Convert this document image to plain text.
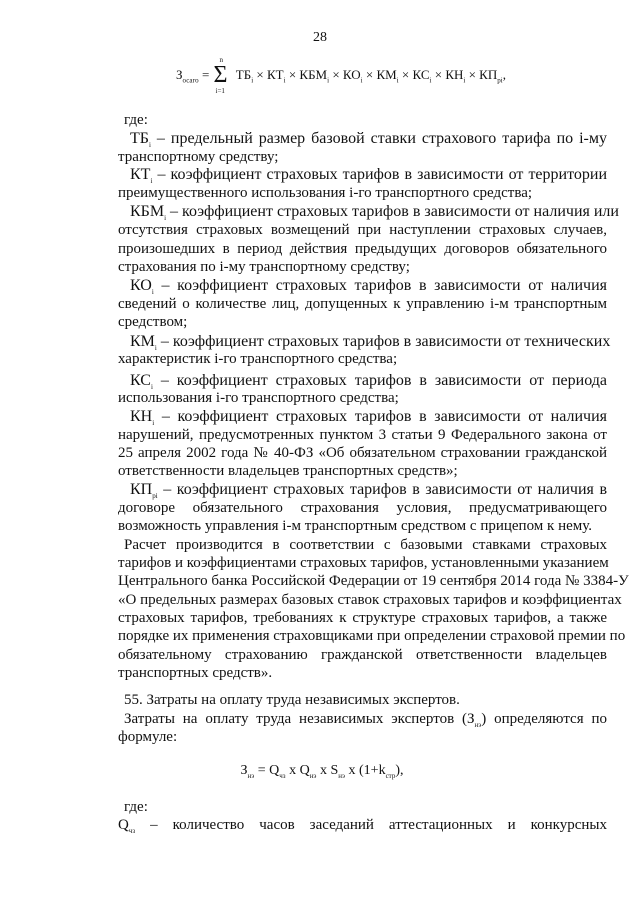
28
$З_{осаго}$ =
n
Σ
i=1
$ТБ_i \times КТ_i \times КБМ_i \times КО_i \times КМ_i \times КС_i \times КН_i \times КП_{pi}$,
где:
$ТБ_i$ – предельный размер базовой ставки страхового тарифа по i-му
транспортному средству;
$КТ_i$ – коэффициент страховых тарифов в зависимости от территории
преимущественного использования i-го транспортного средства;
$КБМ_i$ – коэффициент страховых тарифов в зависимости от наличия или
отсутствия страховых возмещений при наступлении страховых случаев,
произошедших в период действия предыдущих договоров обязательного
страхования по i-му транспортному средству;
$КО_i$ – коэффициент страховых тарифов в зависимости от наличия
сведений о количестве лиц, допущенных к управлению i-м транспортным
средством;
$КМ_i$ – коэффициент страховых тарифов в зависимости от технических
характеристик i-го транспортного средства;
$КС_i$ – коэффициент страховых тарифов в зависимости от периода
использования i-го транспортного средства;
$КН_i$ – коэффициент страховых тарифов в зависимости от наличия
нарушений, предусмотренных пунктом 3 статьи 9 Федерального закона от
25 апреля 2002 года № 40-ФЗ «Об обязательном страховании гражданской
ответственности владельцев транспортных средств»;
$КП_{pi}$ – коэффициент страховых тарифов в зависимости от наличия в
договоре обязательного страхования условия, предусматривающего
возможность управления i-м транспортным средством с прицепом к нему.
Расчет производится в соответствии с базовыми ставками страховых
тарифов и коэффициентами страховых тарифов, установленными указанием
Центрального банка Российской Федерации от 19 сентября 2014 года № 3384-У
«О предельных размерах базовых ставок страховых тарифов и коэффициентах
страховых тарифов, требованиях к структуре страховых тарифов, а также
порядке их применения страховщиками при определении страховой премии по
обязательному страхованию гражданской ответственности владельцев
транспортных средств».
55. Затраты на оплату труда независимых экспертов.
Затраты на оплату труда независимых экспертов $(З_{нэ})$ определяются по
формуле:
$З_{нэ} = Q_{чз}$ x $Q_{нэ}$ x $S_{нэ}$ x $(1+k_{стр})$,
где:
$Q_{чз}$ – количество часов заседаний аттестационных и конкурсных
